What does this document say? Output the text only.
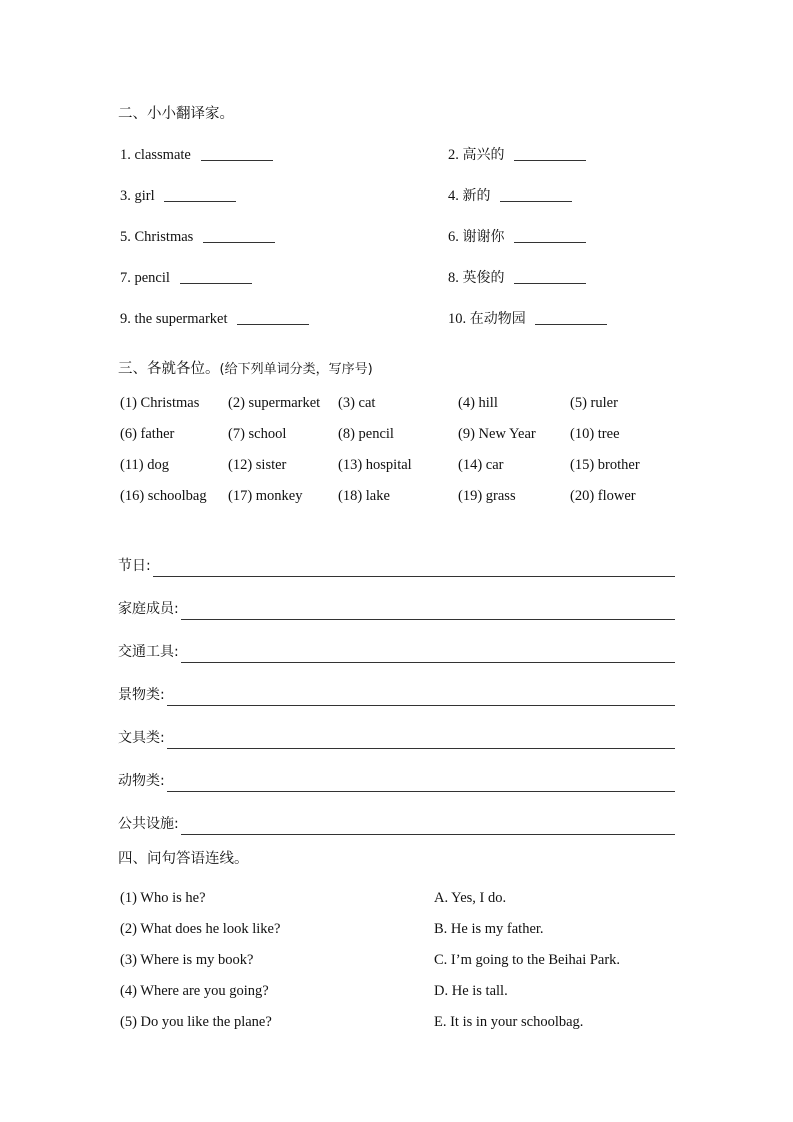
二、小小翻译家。
1. classmate	2. 高兴的
3. girl	4. 新的
5. Christmas	6. 谢谢你
7. pencil	8. 英俊的
9. the supermarket	10. 在动物园
三、各就各位。(给下列单词分类，写序号)
(1) Christmas (2) supermarket (3) cat	(4) hill	(5) ruler
(6) father	(7) school	(8) pencil	(9) New Year (10) tree
(11) dog	(12) sister	(13) hospital	(14) car	(15) brother
(16) schoolbag (17) monkey (18) lake	(19) grass	(20) flower
节日:
家庭成员:
交通工具:
景物类:
文具类:
动物类:
公共设施:
四、问句答语连线。
(1) Who is he?	A. Yes, I do.
(2) What does he look like?	B. He is my father.
(3) Where is my book?	C. I’m going to the Beihai Park.
(4) Where are you going?	D. He is tall.
(5) Do you like the plane?	E. It is in your schoolbag.
